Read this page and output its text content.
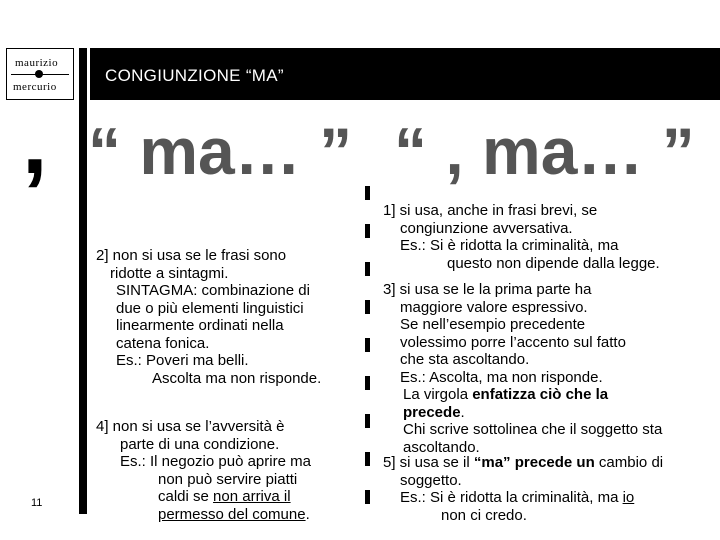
maurizio
mercurio
CONGIUNZIONE “MA”
, “ ma… ” “ , ma… ”
2] non si usa se le frasi sono
ridotte a sintagmi.
SINTAGMA: combinazione di
due o più elementi linguistici
linearmente ordinati nella
catena fonica.
Es.: Poveri ma belli.
Ascolta ma non risponde.
4] non si usa se l’avversità è
parte di una condizione.
Es.: Il negozio può aprire ma
non può servire piatti
caldi se non arriva il
permesso del comune.
1] si usa, anche in frasi brevi, se
congiunzione avversativa.
Es.: Si è ridotta la criminalità, ma
questo non dipende dalla legge.
3] si usa se le la prima parte ha
maggiore valore espressivo.
Se nell’esempio precedente
volessimo porre l’accento sul fatto
che sta ascoltando.
Es.: Ascolta, ma non risponde.
La virgola enfatizza ciò che la
precede.
Chi scrive sottolinea che il soggetto sta
ascoltando.
5] si usa se il “ma” precede un cambio di
soggetto.
Es.: Si è ridotta la criminalità, ma io
non ci credo.
11
